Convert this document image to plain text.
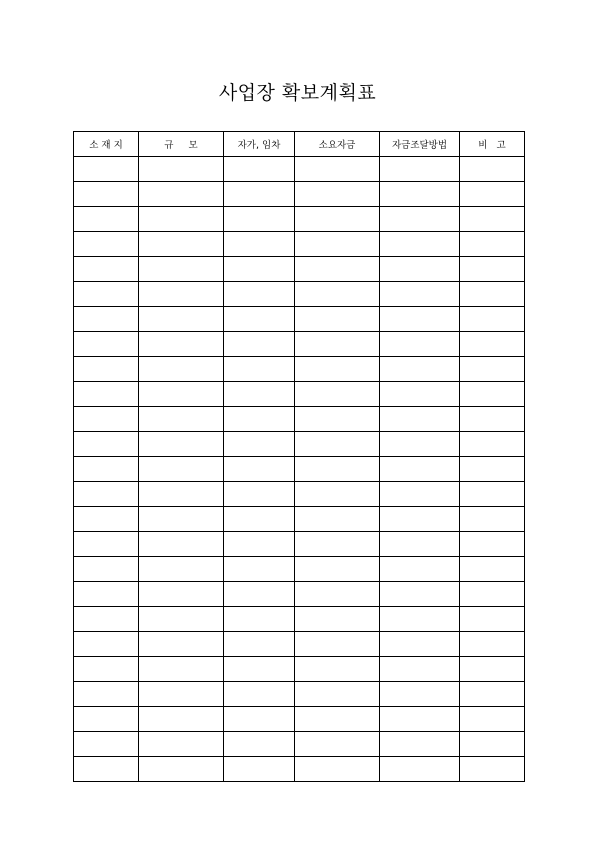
사업장 확보계획표
소 재 지	규     모	자가, 임차	소요자금	자금조달방법	비   고
